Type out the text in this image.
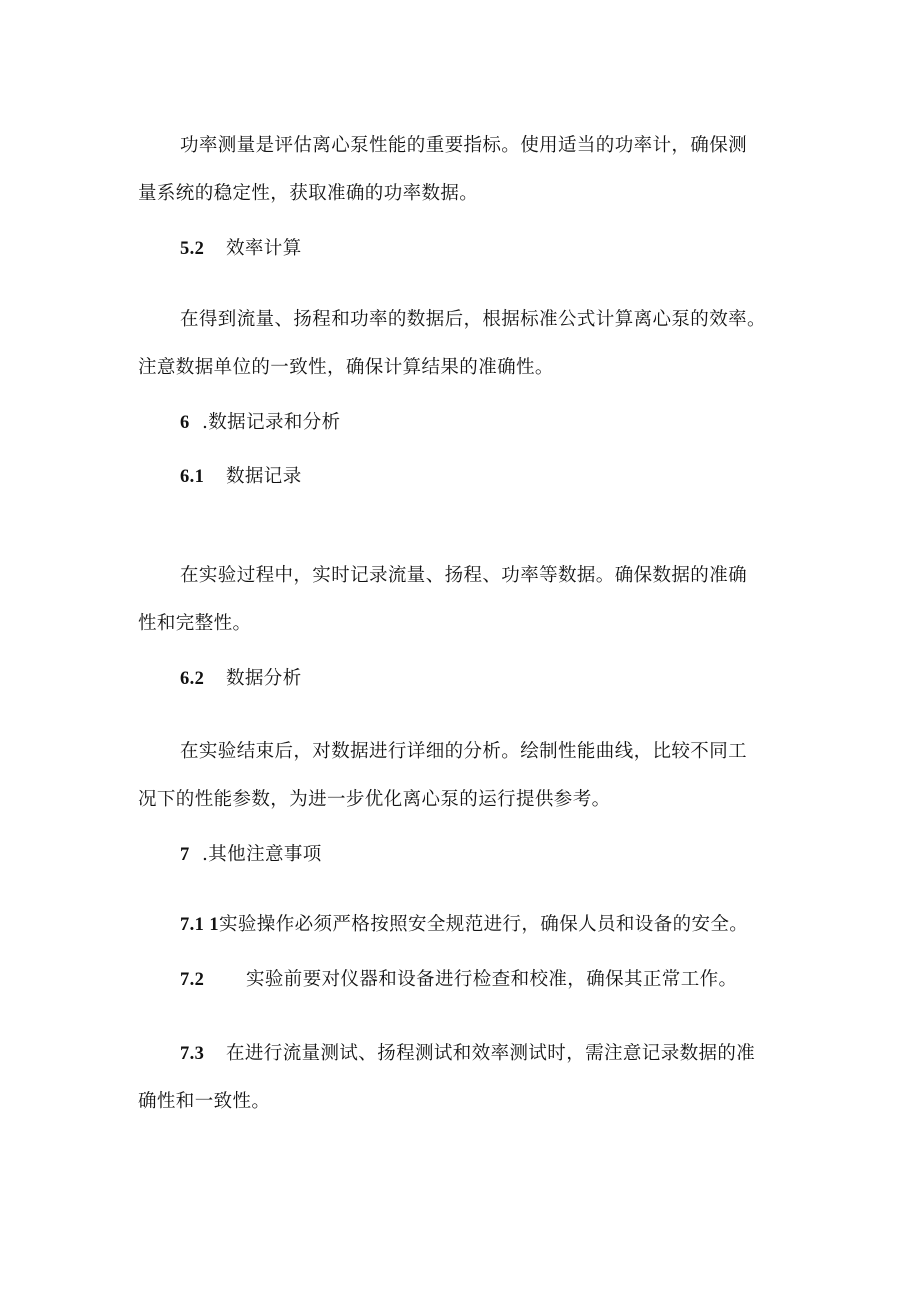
功率测量是评估离心泵性能的重要指标。使用适当的功率计，确保测
量系统的稳定性，获取准确的功率数据。
5.2 效率计算
在得到流量、扬程和功率的数据后，根据标准公式计算离心泵的效率。
注意数据单位的一致性，确保计算结果的准确性。
6 .数据记录和分析
6.1 数据记录
在实验过程中，实时记录流量、扬程、功率等数据。确保数据的准确
性和完整性。
6.2 数据分析
在实验结束后，对数据进行详细的分析。绘制性能曲线，比较不同工
况下的性能参数，为进一步优化离心泵的运行提供参考。
7 .其他注意事项
7.1 1实验操作必须严格按照安全规范进行，确保人员和设备的安全。
7.2 实验前要对仪器和设备进行检查和校准，确保其正常工作。
7.3 在进行流量测试、扬程测试和效率测试时，需注意记录数据的准
确性和一致性。
